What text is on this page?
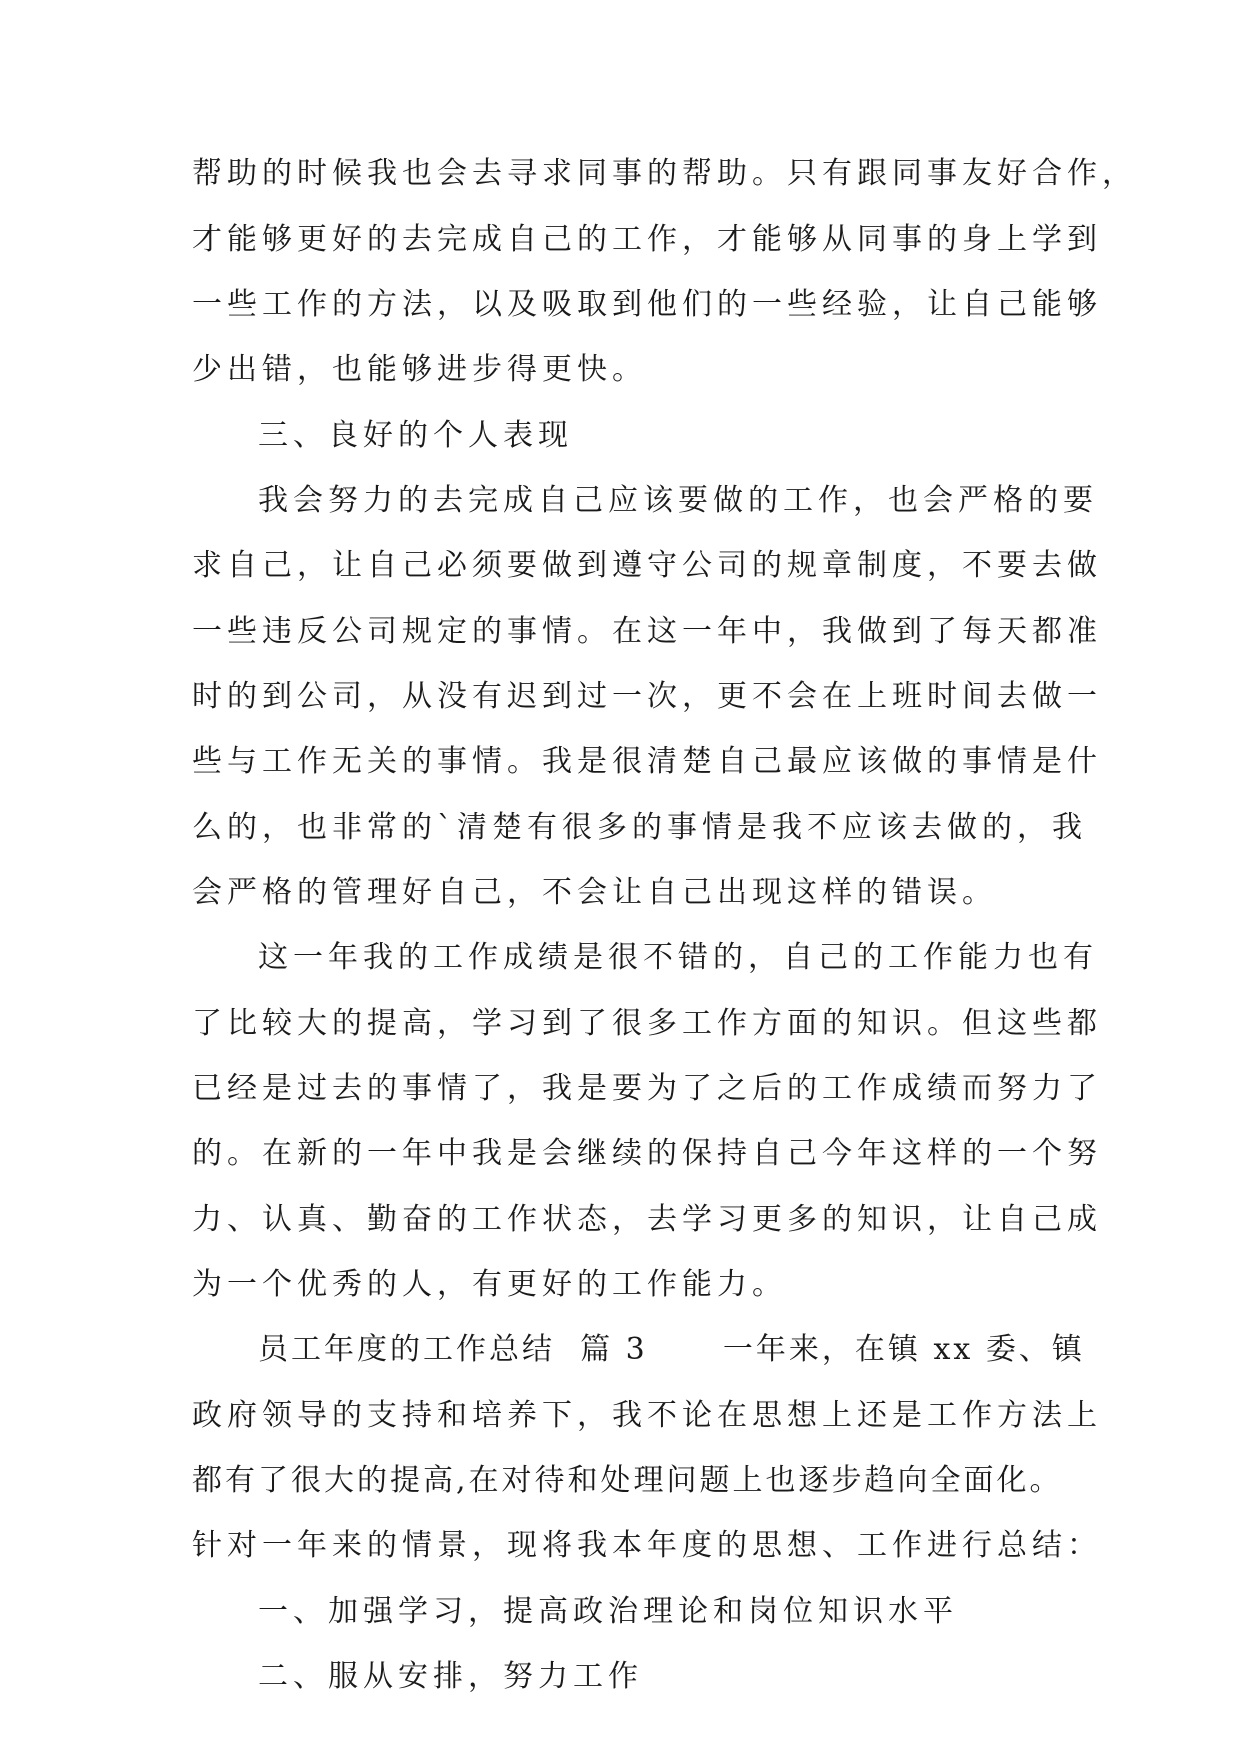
帮助的时候我也会去寻求同事的帮助。只有跟同事友好合作，
才能够更好的去完成自己的工作，才能够从同事的身上学到
一些工作的方法，以及吸取到他们的一些经验，让自己能够
少出错，也能够进步得更快。
三、良好的个人表现
我会努力的去完成自己应该要做的工作，也会严格的要
求自己，让自己必须要做到遵守公司的规章制度，不要去做
一些违反公司规定的事情。在这一年中，我做到了每天都准
时的到公司，从没有迟到过一次，更不会在上班时间去做一
些与工作无关的事情。我是很清楚自己最应该做的事情是什
么的，也非常的`清楚有很多的事情是我不应该去做的，我
会严格的管理好自己，不会让自己出现这样的错误。
这一年我的工作成绩是很不错的，自己的工作能力也有
了比较大的提高，学习到了很多工作方面的知识。但这些都
已经是过去的事情了，我是要为了之后的工作成绩而努力了
的。在新的一年中我是会继续的保持自己今年这样的一个努
力、认真、勤奋的工作状态，去学习更多的知识，让自己成
为一个优秀的人，有更好的工作能力。
员工年度的工作总结  篇 3      一年来，在镇 xx 委、镇
政府领导的支持和培养下，我不论在思想上还是工作方法上
都有了很大的提高,在对待和处理问题上也逐步趋向全面化。
针对一年来的情景，现将我本年度的思想、工作进行总结：
一、加强学习，提高政治理论和岗位知识水平
二、服从安排，努力工作
